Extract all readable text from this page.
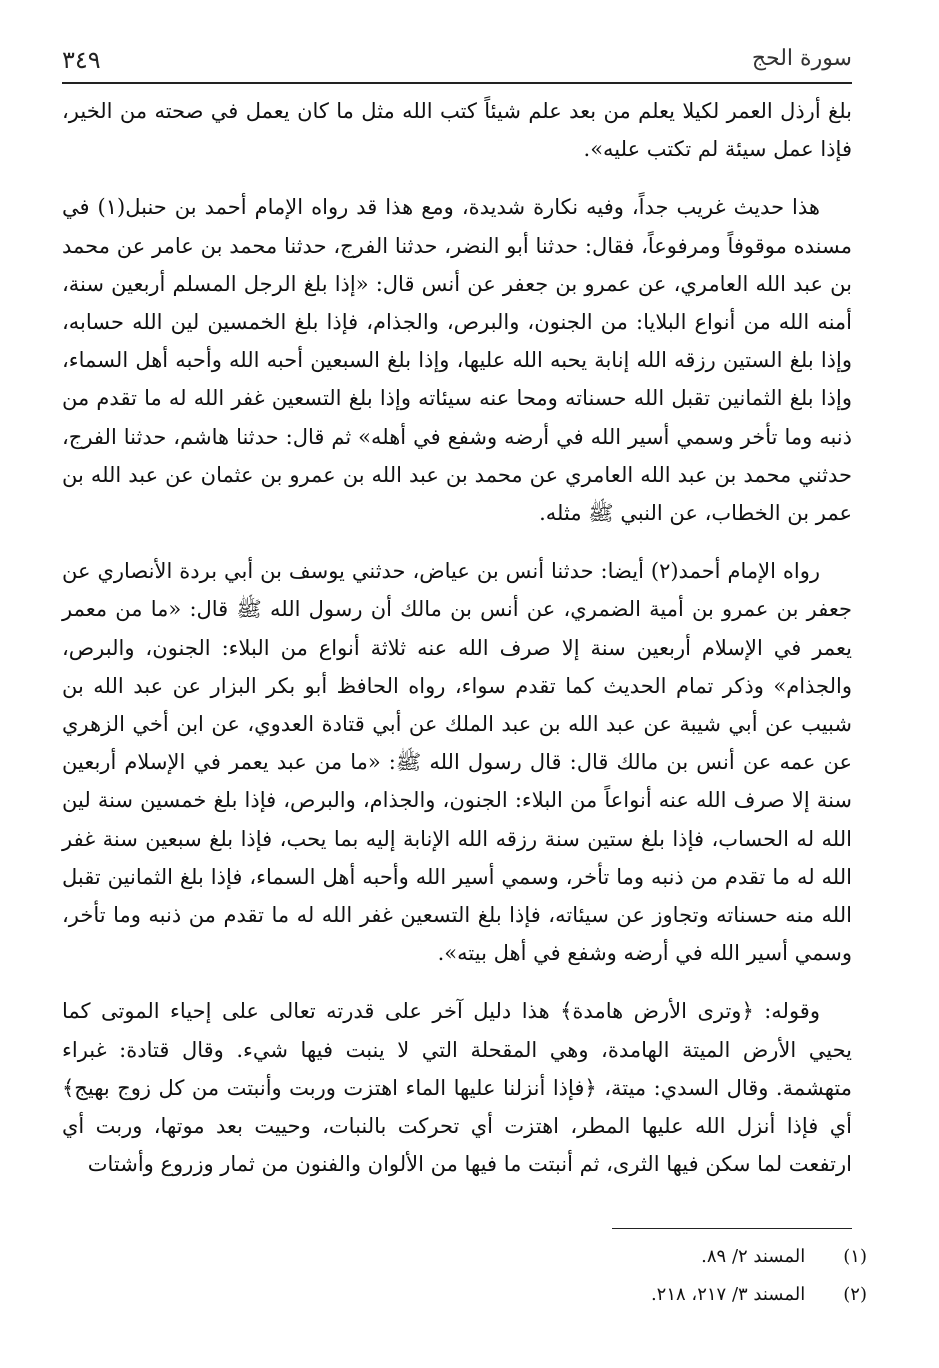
سورة الحج
٣٤٩

بلغ أرذل العمر لكيلا يعلم من بعد علم شيئاً كتب الله مثل ما كان يعمل في صحته من الخير، فإذا عمل سيئة لم تكتب عليه».

هذا حديث غريب جداً، وفيه نكارة شديدة، ومع هذا قد رواه الإمام أحمد بن حنبل(١) في مسنده موقوفاً ومرفوعاً، فقال: حدثنا أبو النضر، حدثنا الفرج، حدثنا محمد بن عامر عن محمد بن عبد الله العامري، عن عمرو بن جعفر عن أنس قال: «إذا بلغ الرجل المسلم أربعين سنة، أمنه الله من أنواع البلايا: من الجنون، والبرص، والجذام، فإذا بلغ الخمسين لين الله حسابه، وإذا بلغ الستين رزقه الله إنابة يحبه الله عليها، وإذا بلغ السبعين أحبه الله وأحبه أهل السماء، وإذا بلغ الثمانين تقبل الله حسناته ومحا عنه سيئاته وإذا بلغ التسعين غفر الله له ما تقدم من ذنبه وما تأخر وسمي أسير الله في أرضه وشفع في أهله» ثم قال: حدثنا هاشم، حدثنا الفرج، حدثني محمد بن عبد الله العامري عن محمد بن عبد الله بن عمرو بن عثمان عن عبد الله بن عمر بن الخطاب، عن النبي ﷺ مثله.

رواه الإمام أحمد(٢) أيضا: حدثنا أنس بن عياض، حدثني يوسف بن أبي بردة الأنصاري عن جعفر بن عمرو بن أمية الضمري، عن أنس بن مالك أن رسول الله ﷺ قال: «ما من معمر يعمر في الإسلام أربعين سنة إلا صرف الله عنه ثلاثة أنواع من البلاء: الجنون، والبرص، والجذام» وذكر تمام الحديث كما تقدم سواء، رواه الحافظ أبو بكر البزار عن عبد الله بن شبيب عن أبي شيبة عن عبد الله بن عبد الملك عن أبي قتادة العدوي، عن ابن أخي الزهري عن عمه عن أنس بن مالك قال: قال رسول الله ﷺ: «ما من عبد يعمر في الإسلام أربعين سنة إلا صرف الله عنه أنواعاً من البلاء: الجنون، والجذام، والبرص، فإذا بلغ خمسين سنة لين الله له الحساب، فإذا بلغ ستين سنة رزقه الله الإنابة إليه بما يحب، فإذا بلغ سبعين سنة غفر الله له ما تقدم من ذنبه وما تأخر، وسمي أسير الله وأحبه أهل السماء، فإذا بلغ الثمانين تقبل الله منه حسناته وتجاوز عن سيئاته، فإذا بلغ التسعين غفر الله له ما تقدم من ذنبه وما تأخر، وسمي أسير الله في أرضه وشفع في أهل بيته».

وقوله: ﴿وترى الأرض هامدة﴾ هذا دليل آخر على قدرته تعالى على إحياء الموتى كما يحيي الأرض الميتة الهامدة، وهي المقحلة التي لا ينبت فيها شيء. وقال قتادة: غبراء متهشمة. وقال السدي: ميتة، ﴿فإذا أنزلنا عليها الماء اهتزت وربت وأنبتت من كل زوج بهيج﴾ أي فإذا أنزل الله عليها المطر، اهتزت أي تحركت بالنبات، وحييت بعد موتها، وربت أي ارتفعت لما سكن فيها الثرى، ثم أنبتت ما فيها من الألوان والفنون من ثمار وزروع وأشتات

(١) المسند ٢/ ٨٩.
(٢) المسند ٣/ ٢١٧، ٢١٨.
